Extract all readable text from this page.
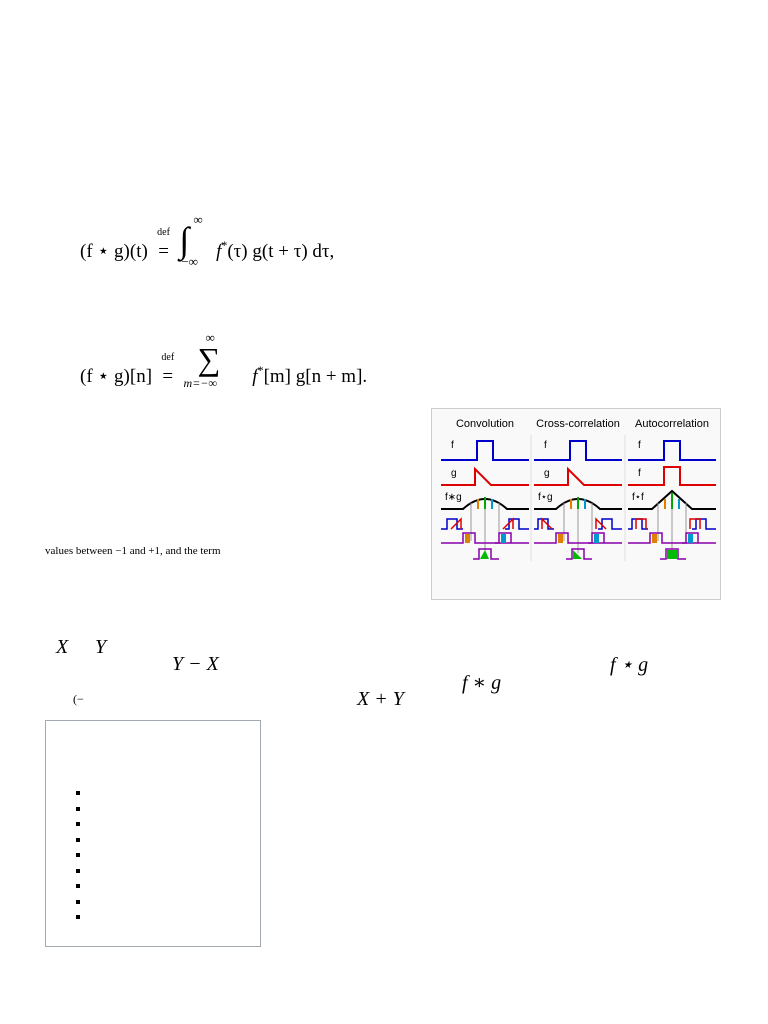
(f ⋆ g)(t)
def
=
∞
∫
−∞ f*(τ) g(t + τ) dτ,
(f ⋆ g)[n]
def
=
∞
∑
m=−∞ f*[m] g[n + m].
Convolution Cross-correlation Autocorrelation
f
g
f∗g
f
g
f⋆g
f
f
f⋆f
values between −1 and +1, and the term
X Y
Y − X	f ⋆ g
f ∗ g
X + Y
(−
